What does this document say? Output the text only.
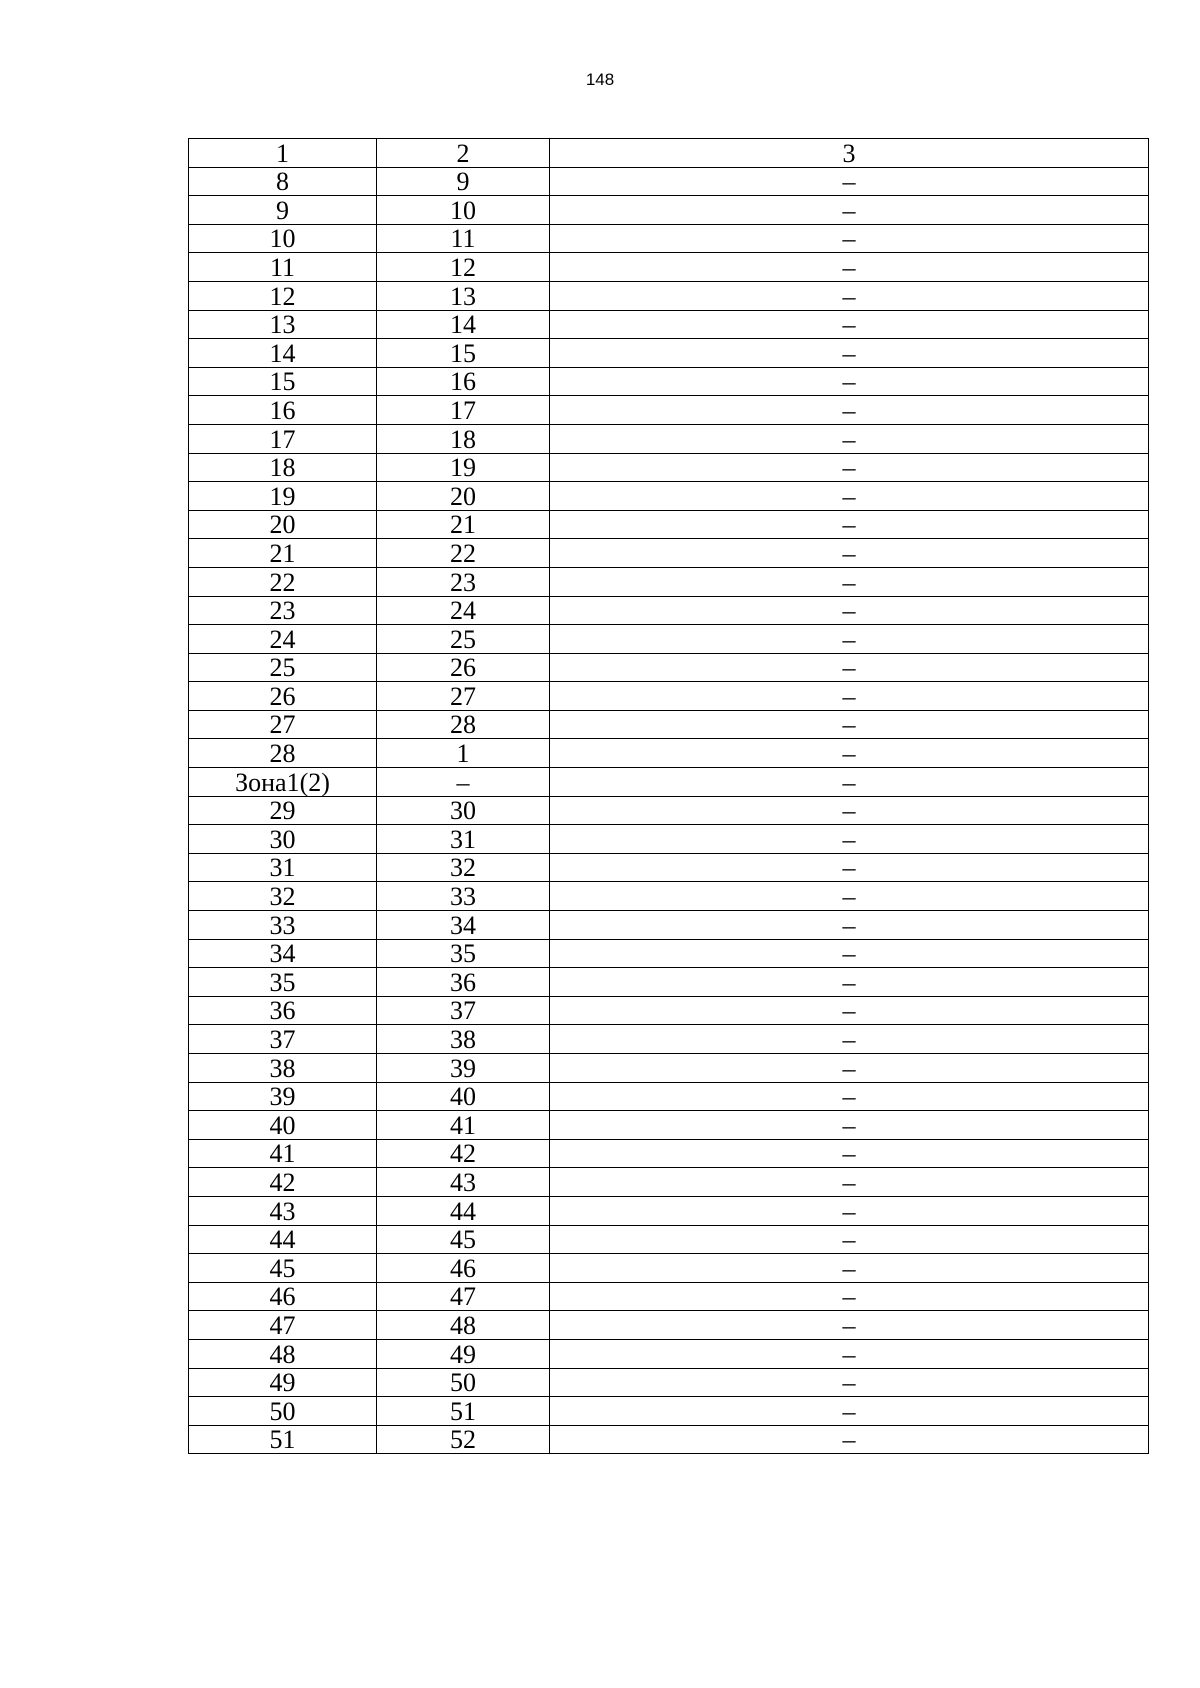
148
1	2	3
8	9	–
9	10	–
10	11	–
11	12	–
12	13	–
13	14	–
14	15	–
15	16	–
16	17	–
17	18	–
18	19	–
19	20	–
20	21	–
21	22	–
22	23	–
23	24	–
24	25	–
25	26	–
26	27	–
27	28	–
28	1	–
Зона1(2)	–	–
29	30	–
30	31	–
31	32	–
32	33	–
33	34	–
34	35	–
35	36	–
36	37	–
37	38	–
38	39	–
39	40	–
40	41	–
41	42	–
42	43	–
43	44	–
44	45	–
45	46	–
46	47	–
47	48	–
48	49	–
49	50	–
50	51	–
51	52	–
